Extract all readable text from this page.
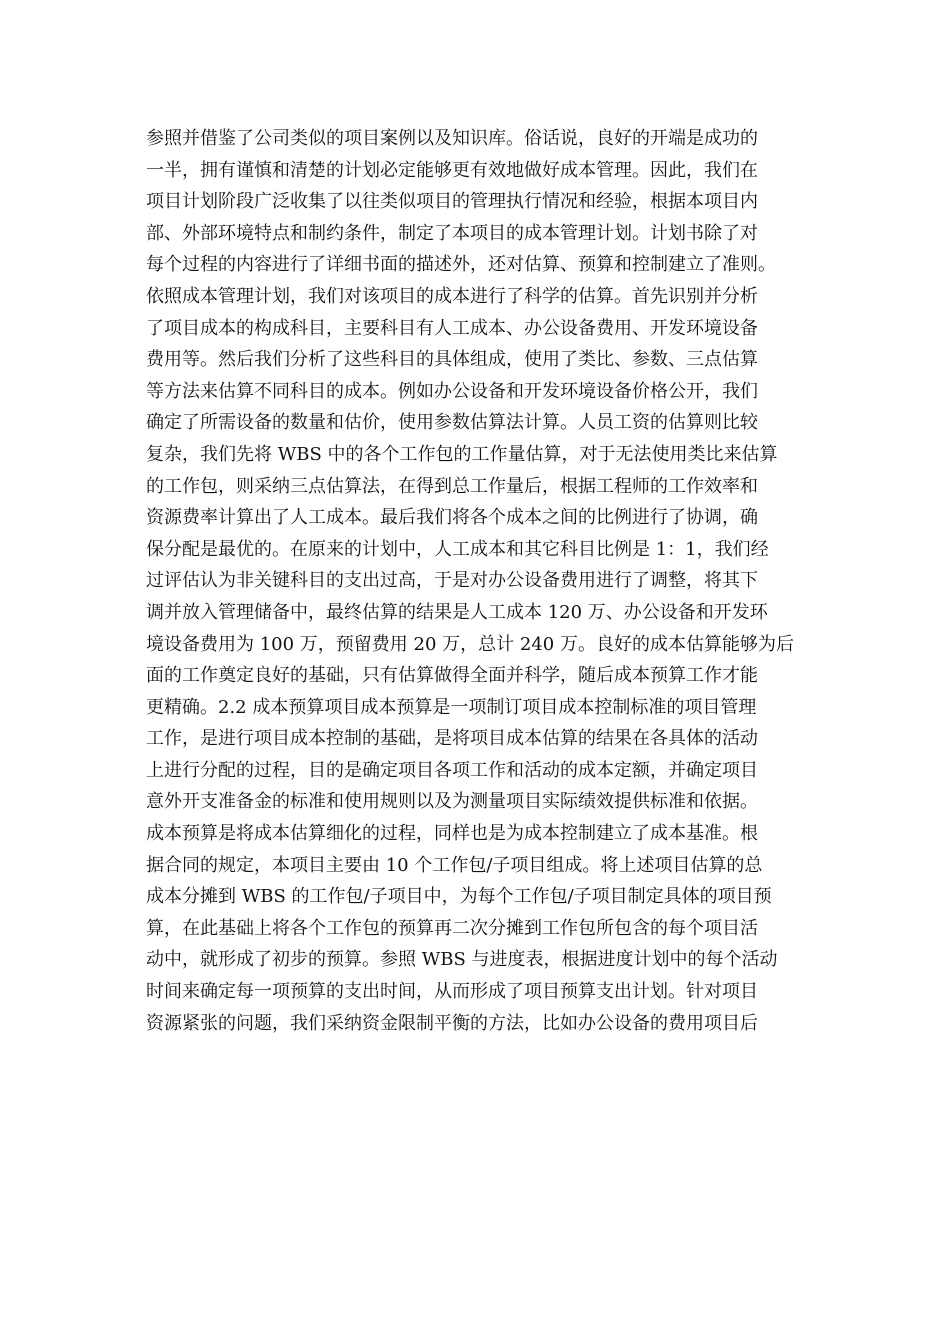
参照并借鉴了公司类似的项目案例以及知识库。俗话说，良好的开端是成功的
一半，拥有谨慎和清楚的计划必定能够更有效地做好成本管理。因此，我们在
项目计划阶段广泛收集了以往类似项目的管理执行情况和经验，根据本项目内
部、外部环境特点和制约条件，制定了本项目的成本管理计划。计划书除了对
每个过程的内容进行了详细书面的描述外，还对估算、预算和控制建立了准则。
依照成本管理计划，我们对该项目的成本进行了科学的估算。首先识别并分析
了项目成本的构成科目，主要科目有人工成本、办公设备费用、开发环境设备
费用等。然后我们分析了这些科目的具体组成，使用了类比、参数、三点估算
等方法来估算不同科目的成本。例如办公设备和开发环境设备价格公开，我们
确定了所需设备的数量和估价，使用参数估算法计算。人员工资的估算则比较
复杂，我们先将 WBS 中的各个工作包的工作量估算，对于无法使用类比来估算
的工作包，则采纳三点估算法，在得到总工作量后，根据工程师的工作效率和
资源费率计算出了人工成本。最后我们将各个成本之间的比例进行了协调，确
保分配是最优的。在原来的计划中，人工成本和其它科目比例是 1：1，我们经
过评估认为非关键科目的支出过高，于是对办公设备费用进行了调整，将其下
调并放入管理储备中，最终估算的结果是人工成本 120 万、办公设备和开发环
境设备费用为 100 万，预留费用 20 万，总计 240 万。良好的成本估算能够为后
面的工作奠定良好的基础，只有估算做得全面并科学，随后成本预算工作才能
更精确。2.2 成本预算项目成本预算是一项制订项目成本控制标准的项目管理
工作，是进行项目成本控制的基础，是将项目成本估算的结果在各具体的活动
上进行分配的过程，目的是确定项目各项工作和活动的成本定额，并确定项目
意外开支准备金的标准和使用规则以及为测量项目实际绩效提供标准和依据。
成本预算是将成本估算细化的过程，同样也是为成本控制建立了成本基准。根
据合同的规定，本项目主要由 10 个工作包/子项目组成。将上述项目估算的总
成本分摊到 WBS 的工作包/子项目中，为每个工作包/子项目制定具体的项目预
算，在此基础上将各个工作包的预算再二次分摊到工作包所包含的每个项目活
动中，就形成了初步的预算。参照 WBS 与进度表，根据进度计划中的每个活动
时间来确定每一项预算的支出时间，从而形成了项目预算支出计划。针对项目
资源紧张的问题，我们采纳资金限制平衡的方法，比如办公设备的费用项目后
